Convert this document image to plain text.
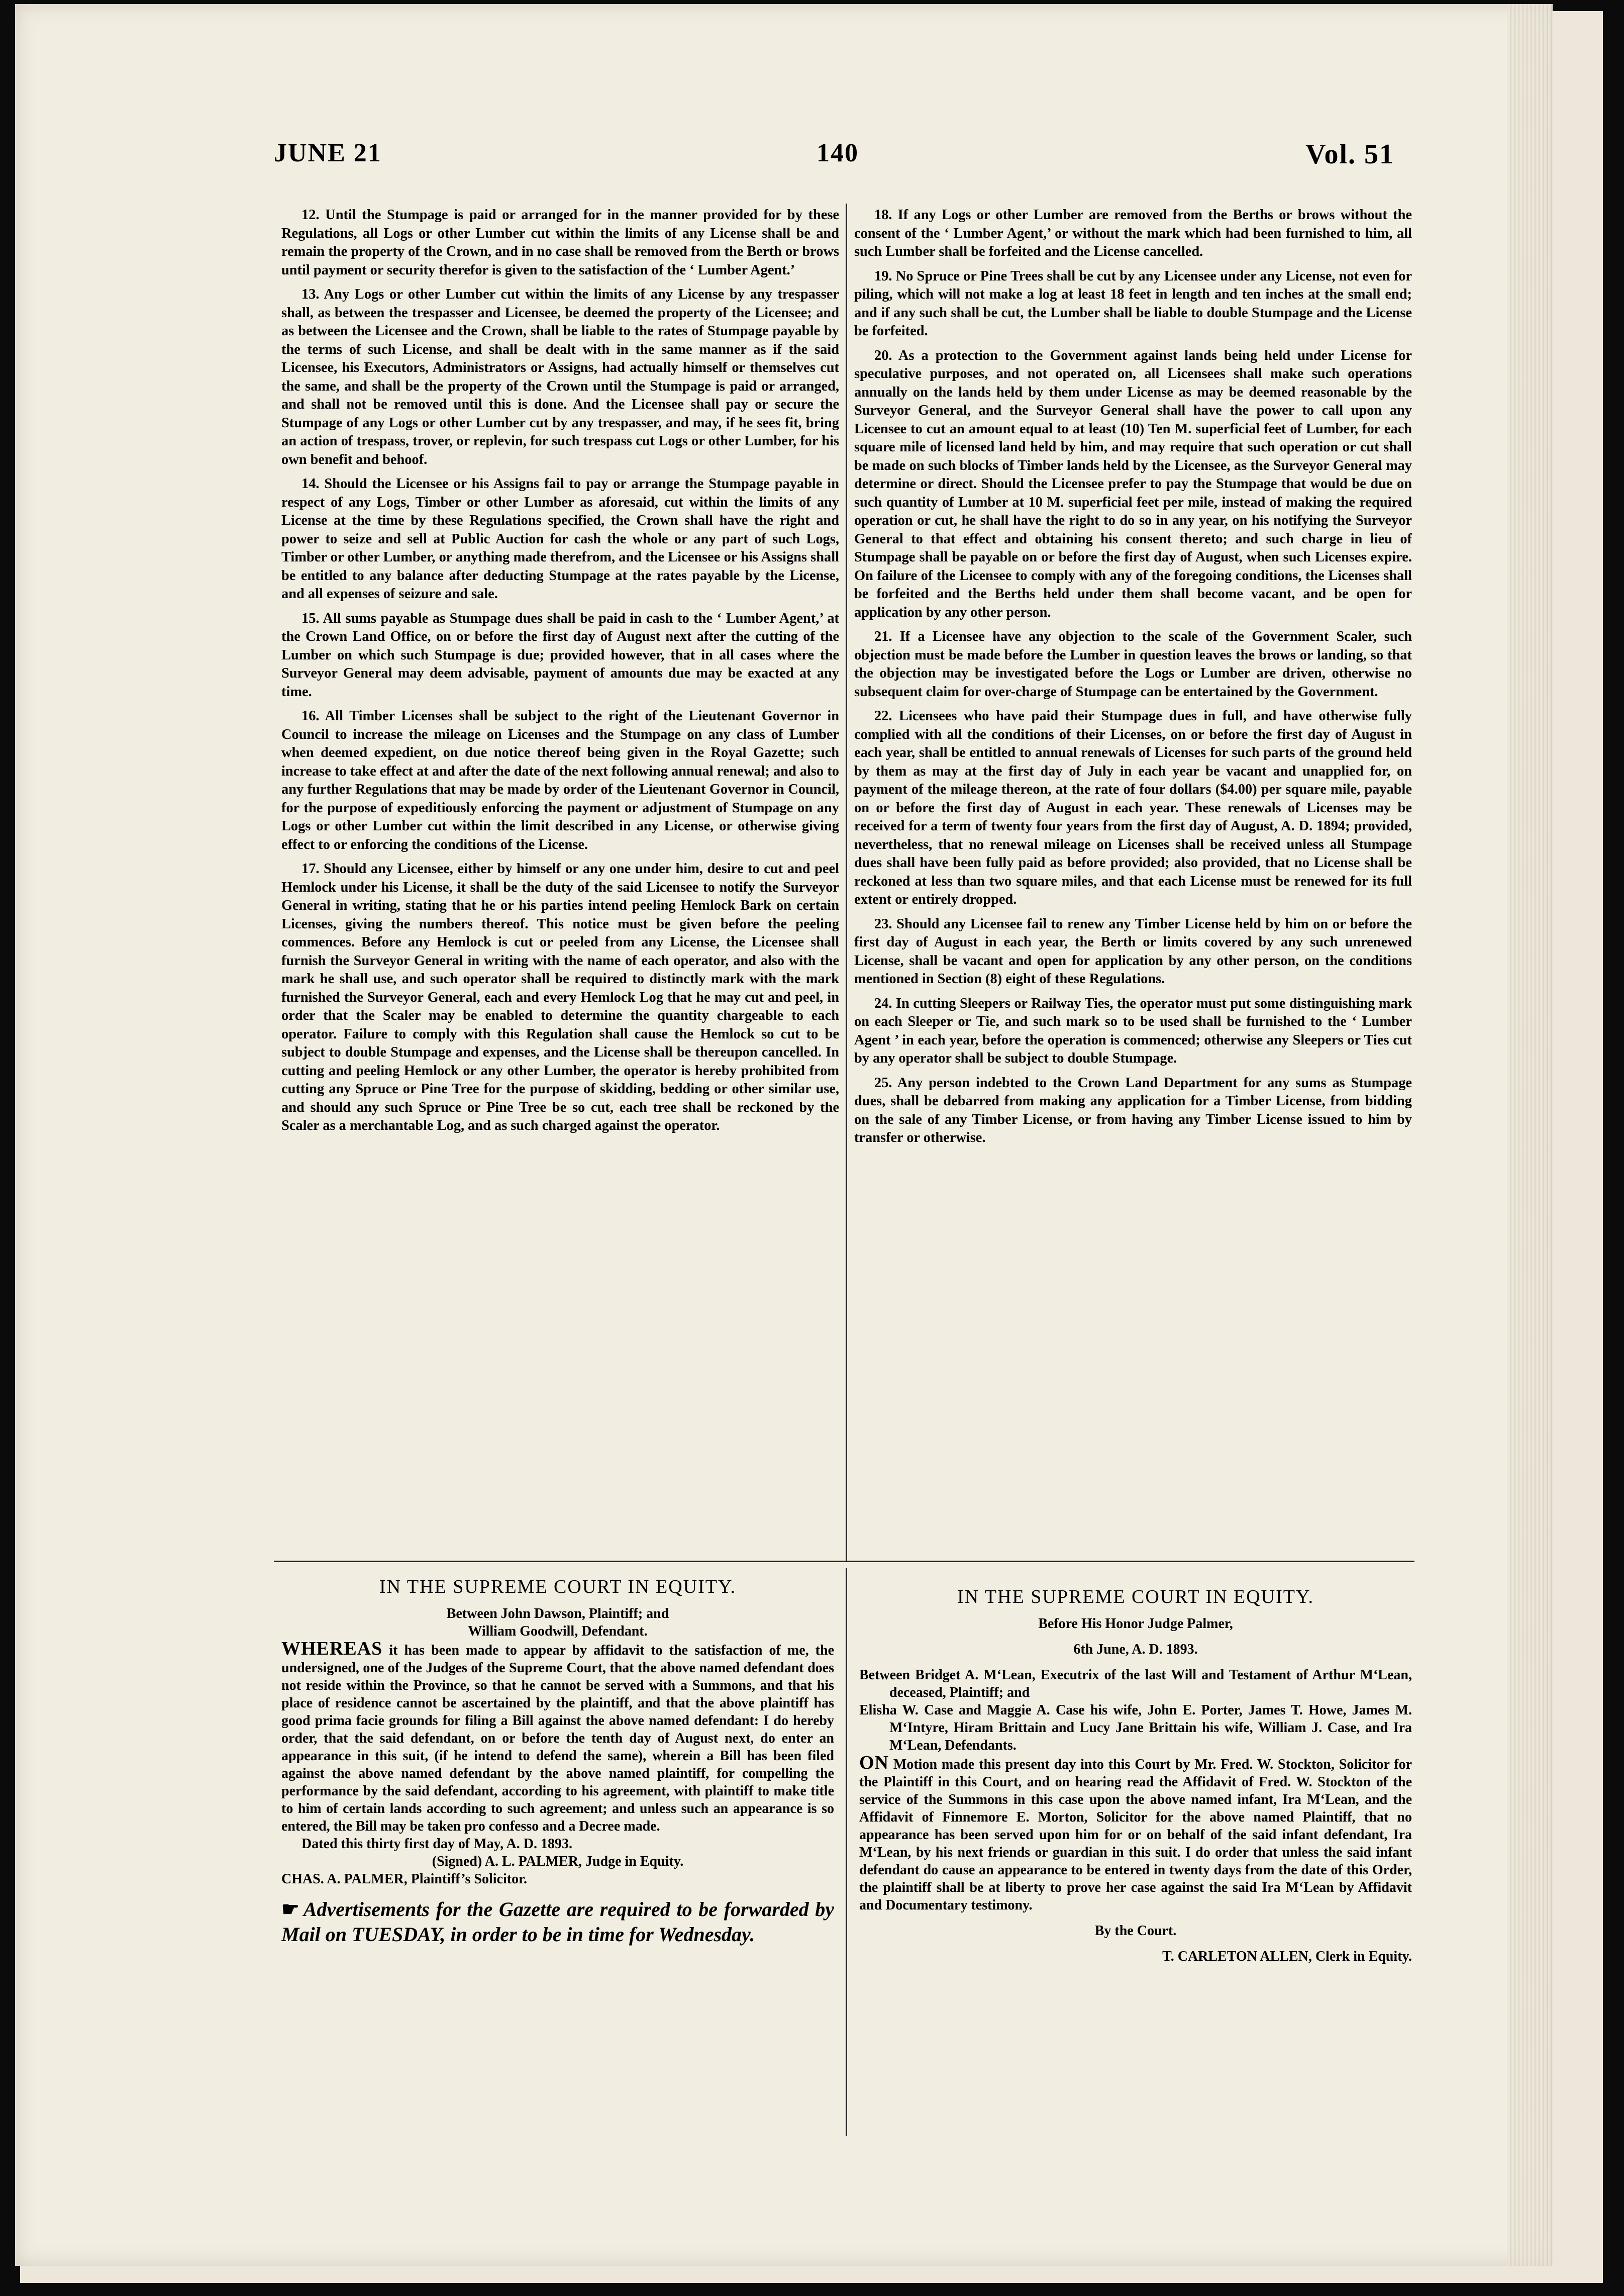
JUNE 21	140	Vol. 51

12. Until the Stumpage is paid or arranged for in the manner provided for by these Regulations, all Logs or other Lumber cut within the limits of any License shall be and remain the property of the Crown, and in no case shall be removed from the Berth or brows until payment or security therefor is given to the satisfaction of the ‘ Lumber Agent.’

13. Any Logs or other Lumber cut within the limits of any License by any trespasser shall, as between the trespasser and Licensee, be deemed the property of the Licensee; and as between the Licensee and the Crown, shall be liable to the rates of Stumpage payable by the terms of such License, and shall be dealt with in the same manner as if the said Licensee, his Executors, Administrators or Assigns, had actually himself or themselves cut the same, and shall be the property of the Crown until the Stumpage is paid or arranged, and shall not be removed until this is done. And the Licensee shall pay or secure the Stumpage of any Logs or other Lumber cut by any trespasser, and may, if he sees fit, bring an action of trespass, trover, or replevin, for such trespass cut Logs or other Lumber, for his own benefit and behoof.

14. Should the Licensee or his Assigns fail to pay or arrange the Stumpage payable in respect of any Logs, Timber or other Lumber as aforesaid, cut within the limits of any License at the time by these Regulations specified, the Crown shall have the right and power to seize and sell at Public Auction for cash the whole or any part of such Logs, Timber or other Lumber, or anything made therefrom, and the Licensee or his Assigns shall be entitled to any balance after deducting Stumpage at the rates payable by the License, and all expenses of seizure and sale.

15. All sums payable as Stumpage dues shall be paid in cash to the ‘ Lumber Agent,’ at the Crown Land Office, on or before the first day of August next after the cutting of the Lumber on which such Stumpage is due; provided however, that in all cases where the Surveyor General may deem advisable, payment of amounts due may be exacted at any time.

16. All Timber Licenses shall be subject to the right of the Lieutenant Governor in Council to increase the mileage on Licenses and the Stumpage on any class of Lumber when deemed expedient, on due notice thereof being given in the Royal Gazette; such increase to take effect at and after the date of the next following annual renewal; and also to any further Regulations that may be made by order of the Lieutenant Governor in Council, for the purpose of expeditiously enforcing the payment or adjustment of Stumpage on any Logs or other Lumber cut within the limit described in any License, or otherwise giving effect to or enforcing the conditions of the License.

17. Should any Licensee, either by himself or any one under him, desire to cut and peel Hemlock under his License, it shall be the duty of the said Licensee to notify the Surveyor General in writing, stating that he or his parties intend peeling Hemlock Bark on certain Licenses, giving the numbers thereof. This notice must be given before the peeling commences. Before any Hemlock is cut or peeled from any License, the Licensee shall furnish the Surveyor General in writing with the name of each operator, and also with the mark he shall use, and such operator shall be required to distinctly mark with the mark furnished the Surveyor General, each and every Hemlock Log that he may cut and peel, in order that the Scaler may be enabled to determine the quantity chargeable to each operator. Failure to comply with this Regulation shall cause the Hemlock so cut to be subject to double Stumpage and expenses, and the License shall be thereupon cancelled. In cutting and peeling Hemlock or any other Lumber, the operator is hereby prohibited from cutting any Spruce or Pine Tree for the purpose of skidding, bedding or other similar use, and should any such Spruce or Pine Tree be so cut, each tree shall be reckoned by the Scaler as a merchantable Log, and as such charged against the operator.

18. If any Logs or other Lumber are removed from the Berths or brows without the consent of the ‘ Lumber Agent,’ or without the mark which had been furnished to him, all such Lumber shall be forfeited and the License cancelled.

19. No Spruce or Pine Trees shall be cut by any Licensee under any License, not even for piling, which will not make a log at least 18 feet in length and ten inches at the small end; and if any such shall be cut, the Lumber shall be liable to double Stumpage and the License be forfeited.

20. As a protection to the Government against lands being held under License for speculative purposes, and not operated on, all Licensees shall make such operations annually on the lands held by them under License as may be deemed reasonable by the Surveyor General, and the Surveyor General shall have the power to call upon any Licensee to cut an amount equal to at least (10) Ten M. superficial feet of Lumber, for each square mile of licensed land held by him, and may require that such operation or cut shall be made on such blocks of Timber lands held by the Licensee, as the Surveyor General may determine or direct. Should the Licensee prefer to pay the Stumpage that would be due on such quantity of Lumber at 10 M. superficial feet per mile, instead of making the required operation or cut, he shall have the right to do so in any year, on his notifying the Surveyor General to that effect and obtaining his consent thereto; and such charge in lieu of Stumpage shall be payable on or before the first day of August, when such Licenses expire. On failure of the Licensee to comply with any of the foregoing conditions, the Licenses shall be forfeited and the Berths held under them shall become vacant, and be open for application by any other person.

21. If a Licensee have any objection to the scale of the Government Scaler, such objection must be made before the Lumber in question leaves the brows or landing, so that the objection may be investigated before the Logs or Lumber are driven, otherwise no subsequent claim for over-charge of Stumpage can be entertained by the Government.

22. Licensees who have paid their Stumpage dues in full, and have otherwise fully complied with all the conditions of their Licenses, on or before the first day of August in each year, shall be entitled to annual renewals of Licenses for such parts of the ground held by them as may at the first day of July in each year be vacant and unapplied for, on payment of the mileage thereon, at the rate of four dollars ($4.00) per square mile, payable on or before the first day of August in each year. These renewals of Licenses may be received for a term of twenty four years from the first day of August, A. D. 1894; provided, nevertheless, that no renewal mileage on Licenses shall be received unless all Stumpage dues shall have been fully paid as before provided; also provided, that no License shall be reckoned at less than two square miles, and that each License must be renewed for its full extent or entirely dropped.

23. Should any Licensee fail to renew any Timber License held by him on or before the first day of August in each year, the Berth or limits covered by any such unrenewed License, shall be vacant and open for application by any other person, on the conditions mentioned in Section (8) eight of these Regulations.

24. In cutting Sleepers or Railway Ties, the operator must put some distinguishing mark on each Sleeper or Tie, and such mark so to be used shall be furnished to the ‘ Lumber Agent ’ in each year, before the operation is commenced; otherwise any Sleepers or Ties cut by any operator shall be subject to double Stumpage.

25. Any person indebted to the Crown Land Department for any sums as Stumpage dues, shall be debarred from making any application for a Timber License, from bidding on the sale of any Timber License, or from having any Timber License issued to him by transfer or otherwise.

IN THE SUPREME COURT IN EQUITY.
Between John Dawson, Plaintiff; and
William Goodwill, Defendant.
WHEREAS it has been made to appear by affidavit to the satisfaction of me, the undersigned, one of the Judges of the Supreme Court, that the above named defendant does not reside within the Province, so that he cannot be served with a Summons, and that his place of residence cannot be ascertained by the plaintiff, and that the above plaintiff has good prima facie grounds for filing a Bill against the above named defendant: I do hereby order, that the said defendant, on or before the tenth day of August next, do enter an appearance in this suit, (if he intend to defend the same), wherein a Bill has been filed against the above named defendant by the above named plaintiff, for compelling the performance by the said defendant, according to his agreement, with plaintiff to make title to him of certain lands according to such agreement; and unless such an appearance is so entered, the Bill may be taken pro confesso and a Decree made.
Dated this thirty first day of May, A. D. 1893.
(Signed) A. L. PALMER, Judge in Equity.
CHAS. A. PALMER, Plaintiff’s Solicitor.
☛ Advertisements for the Gazette are required to be forwarded by Mail on TUESDAY, in order to be in time for Wednesday.
IN THE SUPREME COURT IN EQUITY.
Before His Honor Judge Palmer,
6th June, A. D. 1893.
Between Bridget A. M‘Lean, Executrix of the last Will and Testament of Arthur M‘Lean, deceased, Plaintiff; and
Elisha W. Case and Maggie A. Case his wife, John E. Porter, James T. Howe, James M. M‘Intyre, Hiram Brittain and Lucy Jane Brittain his wife, William J. Case, and Ira M‘Lean, Defendants.
ON Motion made this present day into this Court by Mr. Fred. W. Stockton, Solicitor for the Plaintiff in this Court, and on hearing read the Affidavit of Fred. W. Stockton of the service of the Summons in this case upon the above named infant, Ira M‘Lean, and the Affidavit of Finnemore E. Morton, Solicitor for the above named Plaintiff, that no appearance has been served upon him for or on behalf of the said infant defendant, Ira M‘Lean, by his next friends or guardian in this suit. I do order that unless the said infant defendant do cause an appearance to be entered in twenty days from the date of this Order, the plaintiff shall be at liberty to prove her case against the said Ira M‘Lean by Affidavit and Documentary testimony.
By the Court.
T. CARLETON ALLEN, Clerk in Equity.
